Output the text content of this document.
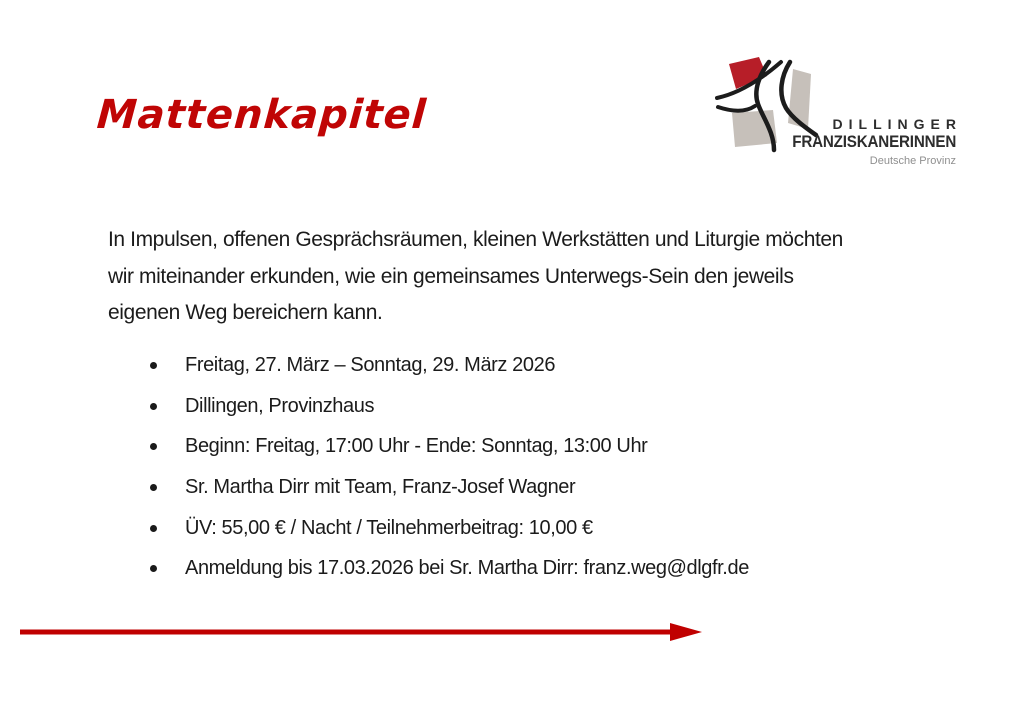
Mattenkapitel	DILLINGER
FRANZISKANERINNEN
Deutsche Provinz
In Impulsen, offenen Gesprächsräumen, kleinen Werkstätten und Liturgie möchten
wir miteinander erkunden, wie ein gemeinsames Unterwegs-Sein den jeweils
eigenen Weg bereichern kann.
Freitag, 27. März – Sonntag, 29. März 2026
Dillingen, Provinzhaus
Beginn: Freitag, 17:00 Uhr - Ende: Sonntag, 13:00 Uhr
Sr. Martha Dirr mit Team, Franz-Josef Wagner
ÜV: 55,00 € / Nacht / Teilnehmerbeitrag: 10,00 €
Anmeldung bis 17.03.2026 bei Sr. Martha Dirr: franz.weg@dlgfr.de
